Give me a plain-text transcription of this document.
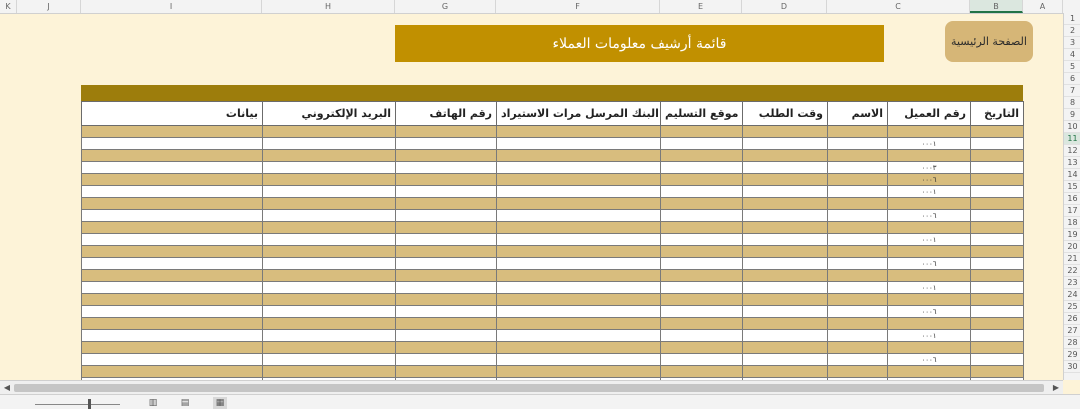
K	J	I	H	G	F	E	D	C	B	A
1
2
3
4
5
6
7
8
9
10
11
12
13
14
15
16
17
18
19
20
21
22
23
24
25
26
27
28
29
30
الصفحة الرئيسية
قائمة أرشيف معلومات العملاء
بيانات	البريد الإلكتروني	رقم الهاتف	البنك المرسل مرات الاستيراد	موقع التسليم	وقت الطلب	الاسم	رقم العميل	التاريخ

							٠٠٠١	

							٠٠٠٣	
							٠٠٠٦	
							٠٠٠١	

							٠٠٠٦	

							٠٠٠١	

							٠٠٠٦	

							٠٠٠١	

							٠٠٠٦	

							٠٠٠١	

							٠٠٠٦	

◀	▶
▥	▤	▦
